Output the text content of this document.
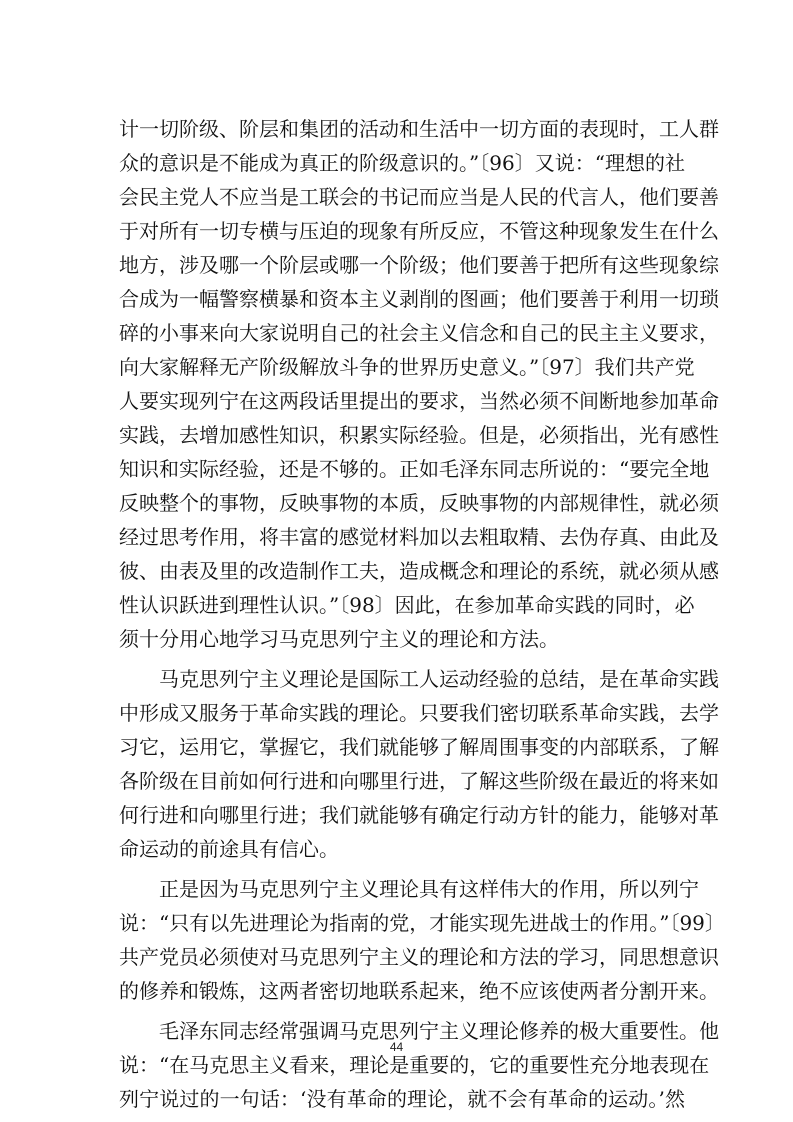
计一切阶级、阶层和集团的活动和生活中一切方面的表现时，工人群
众的意识是不能成为真正的阶级意识的。”〔96〕又说：“理想的社
会民主党人不应当是工联会的书记而应当是人民的代言人，他们要善
于对所有一切专横与压迫的现象有所反应，不管这种现象发生在什么
地方，涉及哪一个阶层或哪一个阶级；他们要善于把所有这些现象综
合成为一幅警察横暴和资本主义剥削的图画；他们要善于利用一切琐
碎的小事来向大家说明自己的社会主义信念和自己的民主主义要求，
向大家解释无产阶级解放斗争的世界历史意义。”〔97〕我们共产党
人要实现列宁在这两段话里提出的要求，当然必须不间断地参加革命
实践，去增加感性知识，积累实际经验。但是，必须指出，光有感性
知识和实际经验，还是不够的。正如毛泽东同志所说的：“要完全地
反映整个的事物，反映事物的本质，反映事物的内部规律性，就必须
经过思考作用，将丰富的感觉材料加以去粗取精、去伪存真、由此及
彼、由表及里的改造制作工夫，造成概念和理论的系统，就必须从感
性认识跃进到理性认识。”〔98〕因此，在参加革命实践的同时，必
须十分用心地学习马克思列宁主义的理论和方法。
马克思列宁主义理论是国际工人运动经验的总结，是在革命实践
中形成又服务于革命实践的理论。只要我们密切联系革命实践，去学
习它，运用它，掌握它，我们就能够了解周围事变的内部联系，了解
各阶级在目前如何行进和向哪里行进，了解这些阶级在最近的将来如
何行进和向哪里行进；我们就能够有确定行动方针的能力，能够对革
命运动的前途具有信心。
正是因为马克思列宁主义理论具有这样伟大的作用，所以列宁
说：“只有以先进理论为指南的党，才能实现先进战士的作用。”〔99〕
共产党员必须使对马克思列宁主义的理论和方法的学习，同思想意识
的修养和锻炼，这两者密切地联系起来，绝不应该使两者分割开来。
毛泽东同志经常强调马克思列宁主义理论修养的极大重要性。他
说：“在马克思主义看来，理论是重要的，它的重要性充分地表现在
列宁说过的一句话：‘没有革命的理论，就不会有革命的运动。’然
44
